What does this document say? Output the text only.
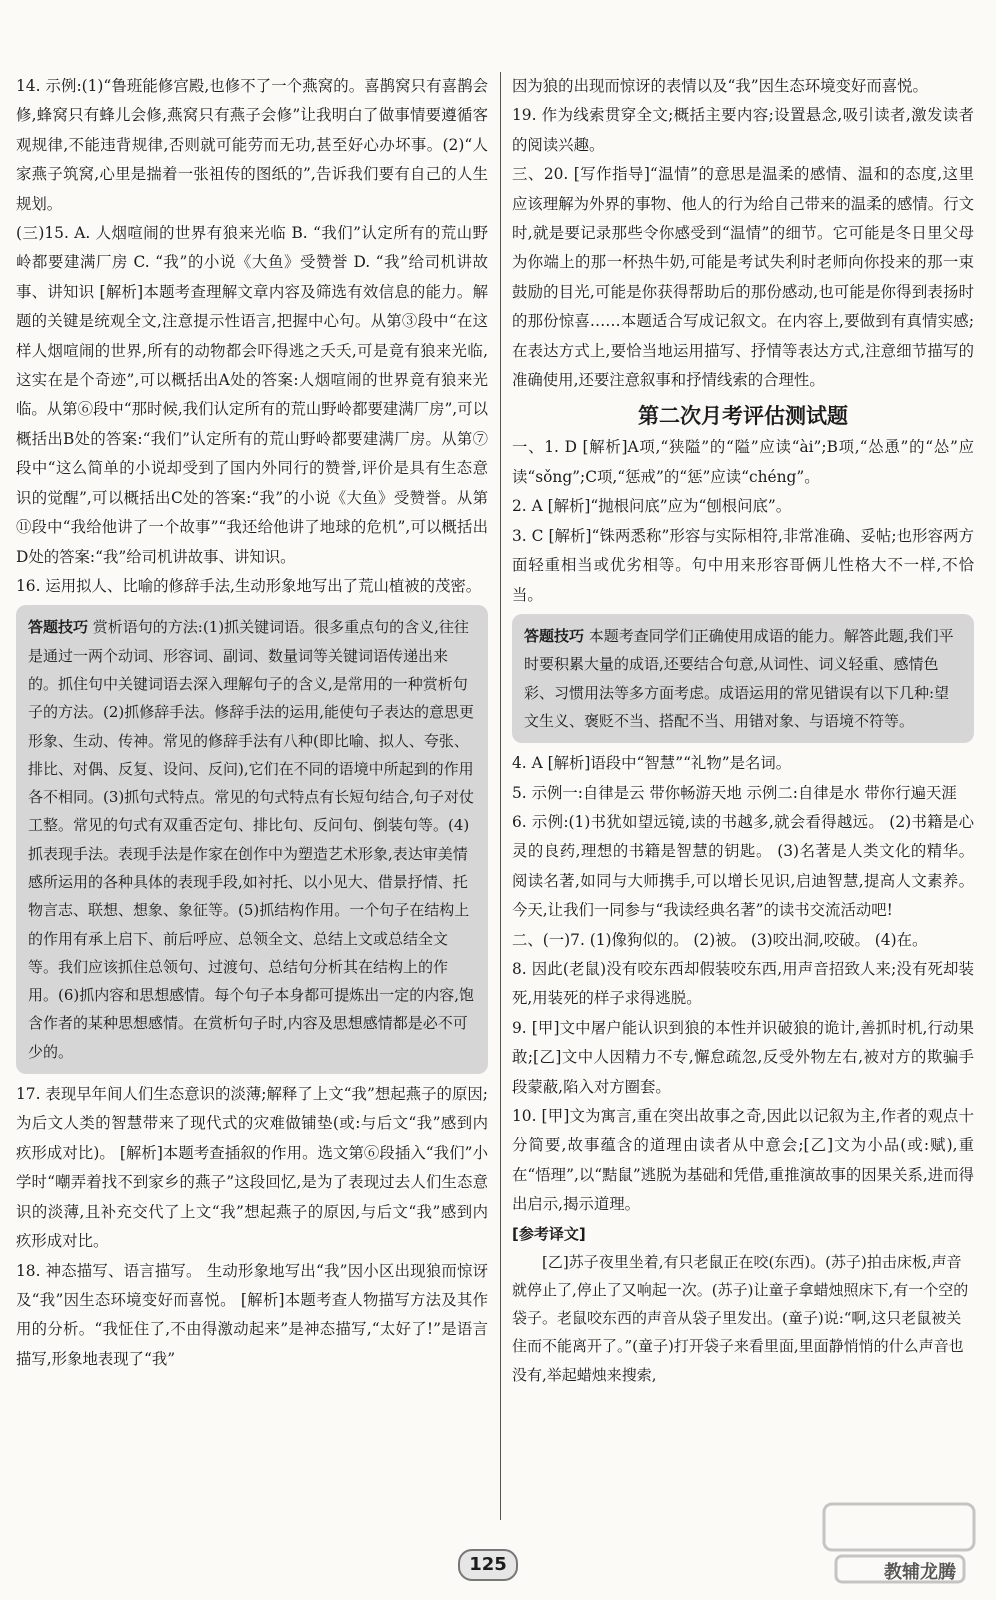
14. 示例:(1)“鲁班能修宫殿,也修不了一个燕窝的。喜鹊窝只有喜鹊会修,蜂窝只有蜂儿会修,燕窝只有燕子会修”让我明白了做事情要遵循客观规律,不能违背规律,否则就可能劳而无功,甚至好心办坏事。(2)“人家燕子筑窝,心里是揣着一张祖传的图纸的”,告诉我们要有自己的人生规划。

(三)15. A. 人烟喧闹的世界有狼来光临 B. “我们”认定所有的荒山野岭都要建满厂房 C. “我”的小说《大鱼》受赞誉 D. “我”给司机讲故事、讲知识 [解析]本题考查理解文章内容及筛选有效信息的能力。解题的关键是统观全文,注意提示性语言,把握中心句。从第③段中“在这样人烟喧闹的世界,所有的动物都会吓得逃之夭夭,可是竟有狼来光临,这实在是个奇迹”,可以概括出A处的答案:人烟喧闹的世界竟有狼来光临。从第⑥段中“那时候,我们认定所有的荒山野岭都要建满厂房”,可以概括出B处的答案:“我们”认定所有的荒山野岭都要建满厂房。从第⑦段中“这么简单的小说却受到了国内外同行的赞誉,评价是具有生态意识的觉醒”,可以概括出C处的答案:“我”的小说《大鱼》受赞誉。从第⑪段中“我给他讲了一个故事”“我还给他讲了地球的危机”,可以概括出D处的答案:“我”给司机讲故事、讲知识。

16. 运用拟人、比喻的修辞手法,生动形象地写出了荒山植被的茂密。

答题技巧 赏析语句的方法:(1)抓关键词语。很多重点句的含义,往往是通过一两个动词、形容词、副词、数量词等关键词语传递出来的。抓住句中关键词语去深入理解句子的含义,是常用的一种赏析句子的方法。(2)抓修辞手法。修辞手法的运用,能使句子表达的意思更形象、生动、传神。常见的修辞手法有八种(即比喻、拟人、夸张、排比、对偶、反复、设问、反问),它们在不同的语境中所起到的作用各不相同。(3)抓句式特点。常见的句式特点有长短句结合,句子对仗工整。常见的句式有双重否定句、排比句、反问句、倒装句等。(4)抓表现手法。表现手法是作家在创作中为塑造艺术形象,表达审美情感所运用的各种具体的表现手段,如衬托、以小见大、借景抒情、托物言志、联想、想象、象征等。(5)抓结构作用。一个句子在结构上的作用有承上启下、前后呼应、总领全文、总结上文或总结全文等。我们应该抓住总领句、过渡句、总结句分析其在结构上的作用。(6)抓内容和思想感情。每个句子本身都可提炼出一定的内容,饱含作者的某种思想感情。在赏析句子时,内容及思想感情都是必不可少的。

17. 表现早年间人们生态意识的淡薄;解释了上文“我”想起燕子的原因;为后文人类的智慧带来了现代式的灾难做铺垫(或:与后文“我”感到内疚形成对比)。 [解析]本题考查插叙的作用。选文第⑥段插入“我们”小学时“嘲弄着找不到家乡的燕子”这段回忆,是为了表现过去人们生态意识的淡薄,且补充交代了上文“我”想起燕子的原因,与后文“我”感到内疚形成对比。

18. 神态描写、语言描写。 生动形象地写出“我”因小区出现狼而惊讶及“我”因生态环境变好而喜悦。 [解析]本题考查人物描写方法及其作用的分析。“我怔住了,不由得激动起来”是神态描写,“太好了!”是语言描写,形象地表现了“我”

因为狼的出现而惊讶的表情以及“我”因生态环境变好而喜悦。

19. 作为线索贯穿全文;概括主要内容;设置悬念,吸引读者,激发读者的阅读兴趣。

三、20. [写作指导]“温情”的意思是温柔的感情、温和的态度,这里应该理解为外界的事物、他人的行为给自己带来的温柔的感情。行文时,就是要记录那些令你感受到“温情”的细节。它可能是冬日里父母为你端上的那一杯热牛奶,可能是考试失利时老师向你投来的那一束鼓励的目光,可能是你获得帮助后的那份感动,也可能是你得到表扬时的那份惊喜……本题适合写成记叙文。在内容上,要做到有真情实感;在表达方式上,要恰当地运用描写、抒情等表达方式,注意细节描写的准确使用,还要注意叙事和抒情线索的合理性。

第二次月考评估测试题

一、1. D [解析]A项,“狭隘”的“隘”应读“ài”;B项,“怂恿”的“怂”应读“sǒng”;C项,“惩戒”的“惩”应读“chéng”。

2. A [解析]“抛根问底”应为“刨根问底”。

3. C [解析]“铢两悉称”形容与实际相符,非常准确、妥帖;也形容两方面轻重相当或优劣相等。句中用来形容哥俩儿性格大不一样,不恰当。

答题技巧 本题考查同学们正确使用成语的能力。解答此题,我们平时要积累大量的成语,还要结合句意,从词性、词义轻重、感情色彩、习惯用法等多方面考虑。成语运用的常见错误有以下几种:望文生义、褒贬不当、搭配不当、用错对象、与语境不符等。

4. A [解析]语段中“智慧”“礼物”是名词。

5. 示例一:自律是云 带你畅游天地 示例二:自律是水 带你行遍天涯

6. 示例:(1)书犹如望远镜,读的书越多,就会看得越远。 (2)书籍是心灵的良药,理想的书籍是智慧的钥匙。 (3)名著是人类文化的精华。阅读名著,如同与大师携手,可以增长见识,启迪智慧,提高人文素养。今天,让我们一同参与“我读经典名著”的读书交流活动吧!

二、(一)7. (1)像狗似的。 (2)被。 (3)咬出洞,咬破。 (4)在。

8. 因此(老鼠)没有咬东西却假装咬东西,用声音招致人来;没有死却装死,用装死的样子求得逃脱。

9. [甲]文中屠户能认识到狼的本性并识破狼的诡计,善抓时机,行动果敢;[乙]文中人因精力不专,懈怠疏忽,反受外物左右,被对方的欺骗手段蒙蔽,陷入对方圈套。

10. [甲]文为寓言,重在突出故事之奇,因此以记叙为主,作者的观点十分简要,故事蕴含的道理由读者从中意会;[乙]文为小品(或:赋),重在“悟理”,以“黠鼠”逃脱为基础和凭借,重推演故事的因果关系,进而得出启示,揭示道理。

[参考译文]

[乙]苏子夜里坐着,有只老鼠正在咬(东西)。(苏子)拍击床板,声音就停止了,停止了又响起一次。(苏子)让童子拿蜡烛照床下,有一个空的袋子。老鼠咬东西的声音从袋子里发出。(童子)说:“啊,这只老鼠被关住而不能离开了。”(童子)打开袋子来看里面,里面静悄悄的什么声音也没有,举起蜡烛来搜索,

125	教辅龙腾
